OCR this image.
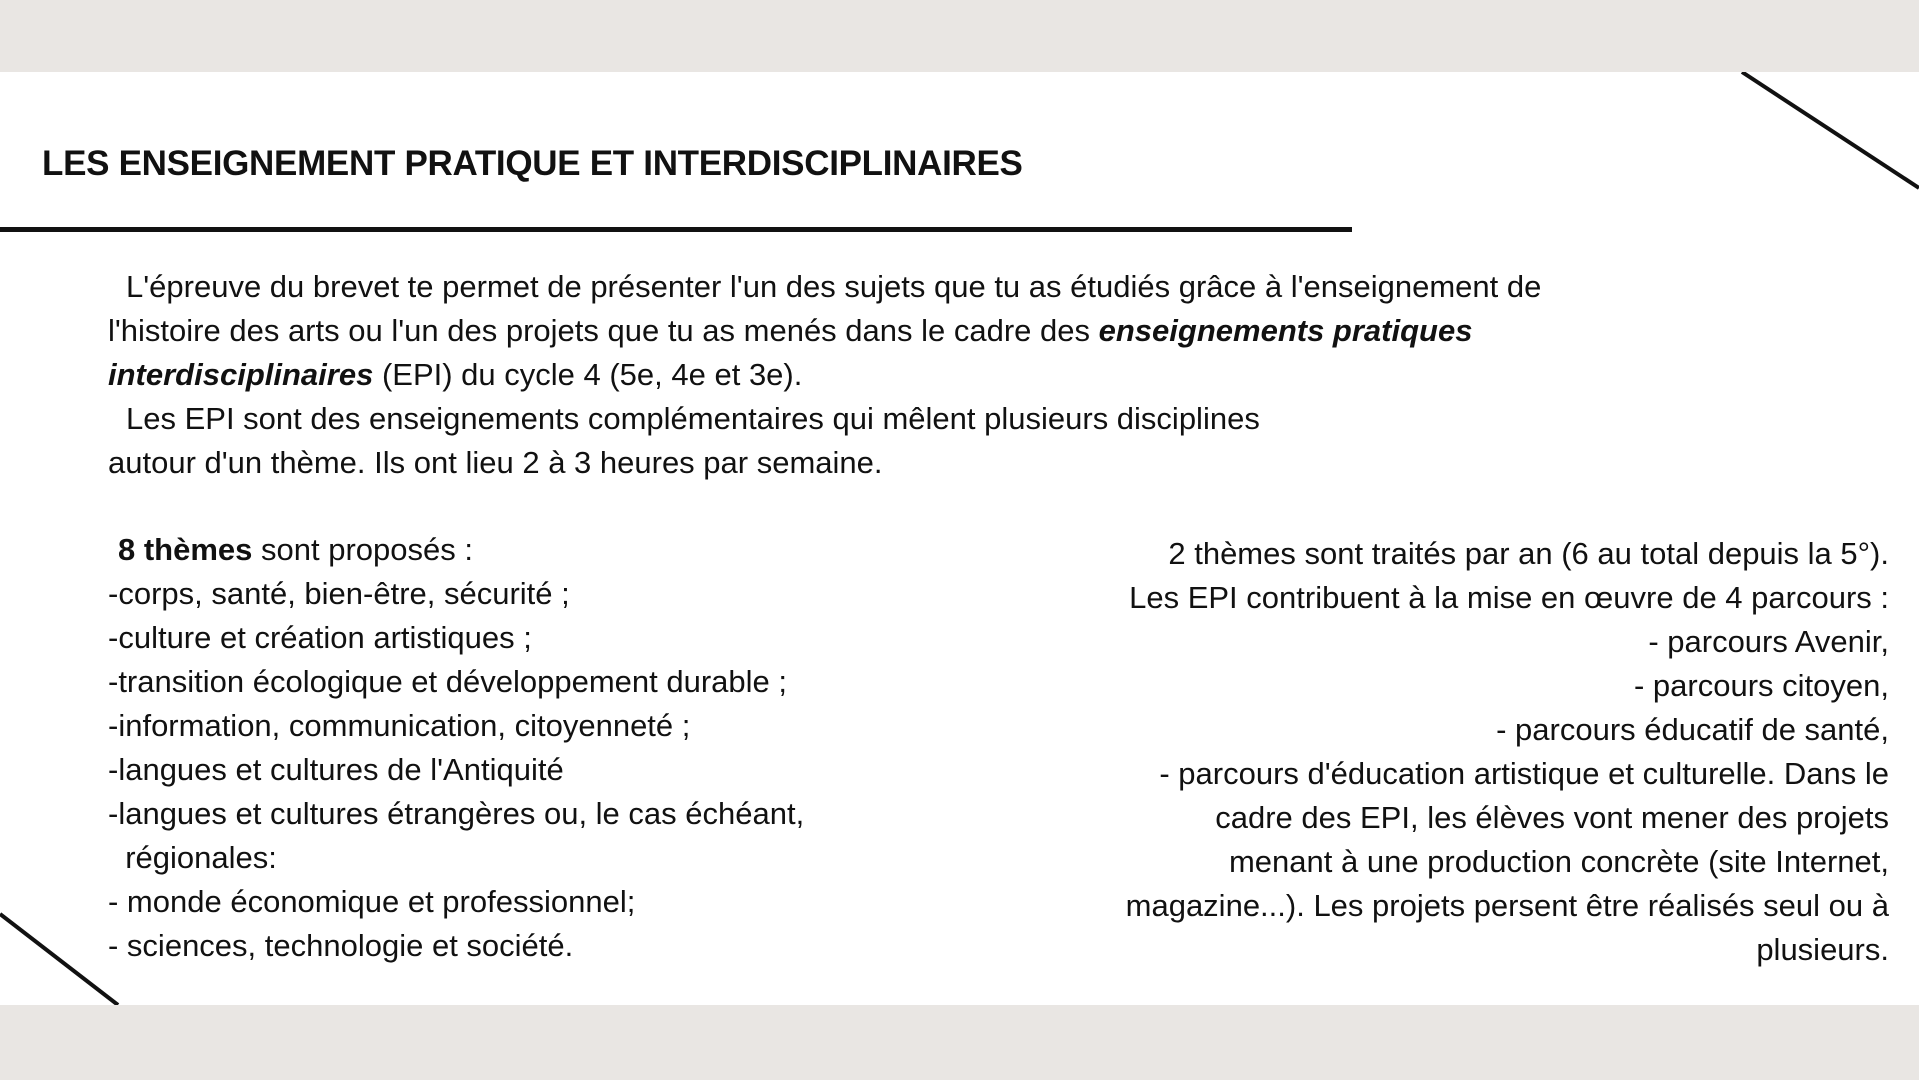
LES ENSEIGNEMENT PRATIQUE ET INTERDISCIPLINAIRES

L'épreuve du brevet te permet de présenter l'un des sujets que tu as étudiés grâce à l'enseignement de
l'histoire des arts ou l'un des projets que tu as menés dans le cadre des enseignements pratiques
interdisciplinaires (EPI) du cycle 4 (5e, 4e et 3e).

Les EPI sont des enseignements complémentaires qui mêlent plusieurs disciplines
autour d'un thème. Ils ont lieu 2 à 3 heures par semaine.

8 thèmes sont proposés :
-corps, santé, bien-être, sécurité ;
-culture et création artistiques ;
-transition écologique et développement durable ;
-information, communication, citoyenneté ;
-langues et cultures de l'Antiquité
-langues et cultures étrangères ou, le cas échéant,
régionales:
- monde économique et professionnel;
- sciences, technologie et société.
2 thèmes sont traités par an (6 au total depuis la 5°).
Les EPI contribuent à la mise en œuvre de 4 parcours :
- parcours Avenir,
- parcours citoyen,
- parcours éducatif de santé,
- parcours d'éducation artistique et culturelle. Dans le
cadre des EPI, les élèves vont mener des projets
menant à une production concrète (site Internet,
magazine...). Les projets persent être réalisés seul ou à
plusieurs.
